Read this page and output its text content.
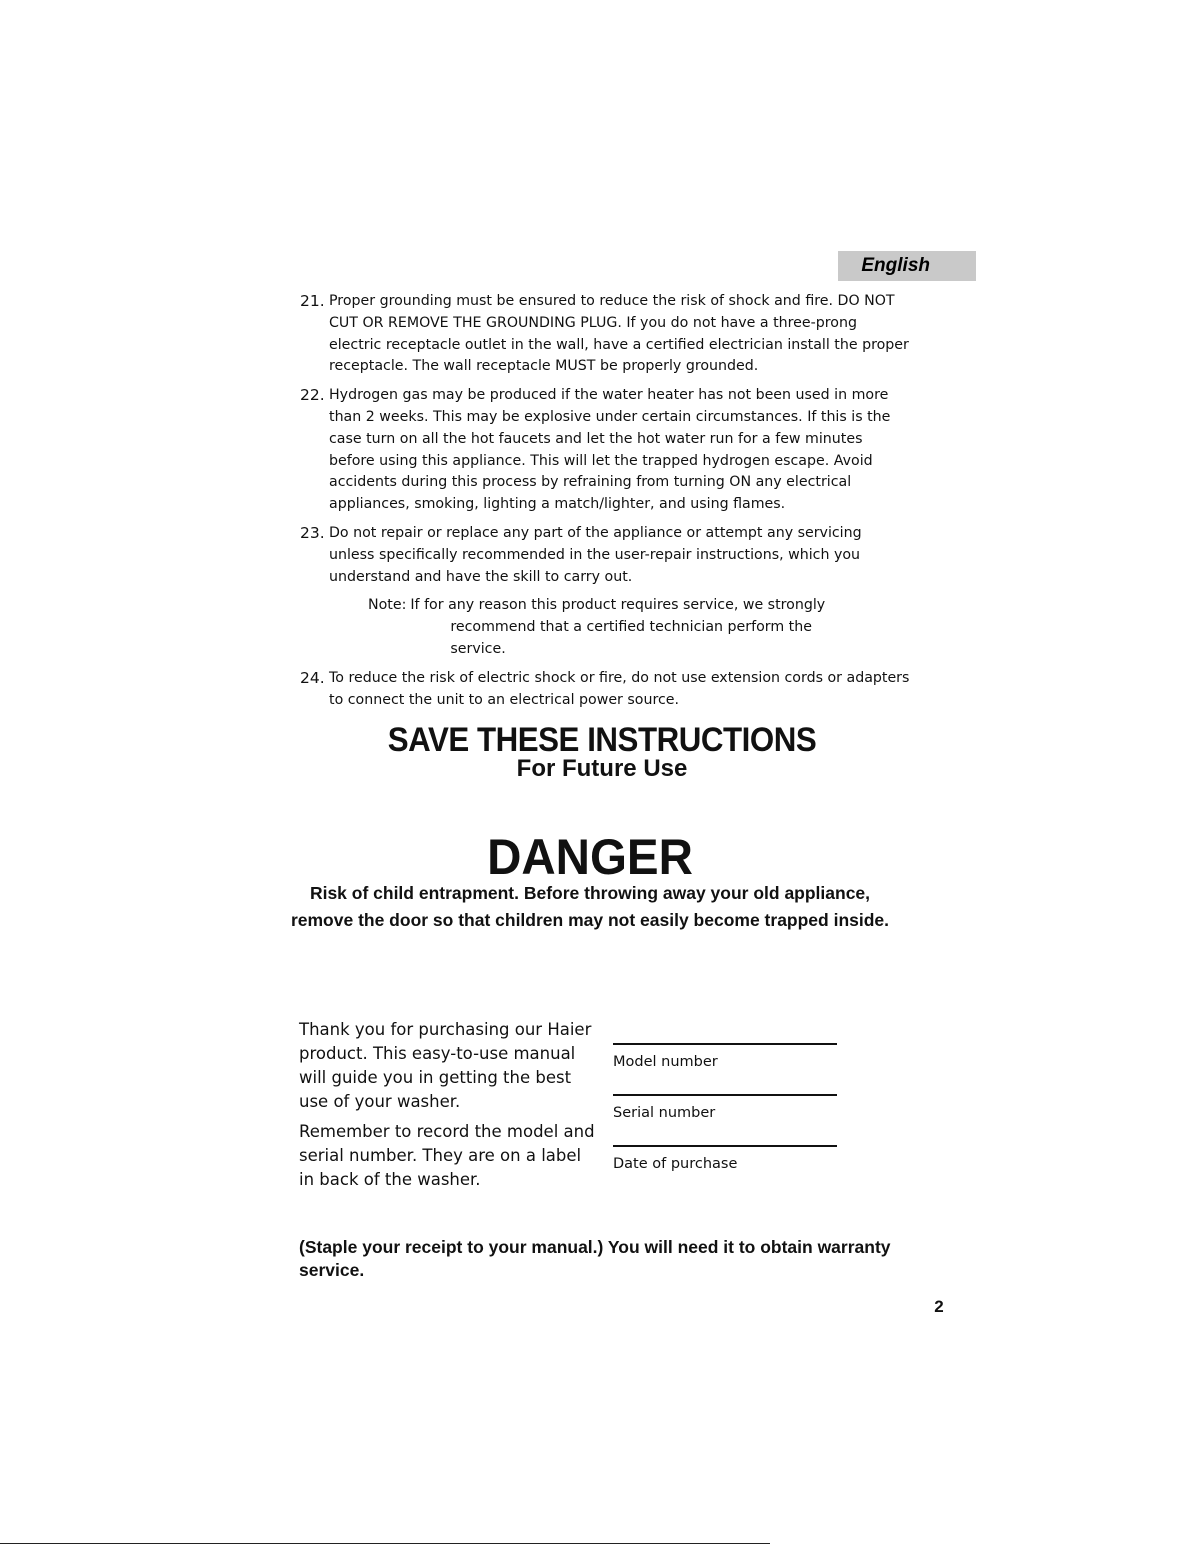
English
21. Proper grounding must be ensured to reduce the risk of shock and fire. DO NOT CUT OR REMOVE THE GROUNDING PLUG. If you do not have a three-prong electric receptacle outlet in the wall, have a certified electrician install the proper receptacle. The wall receptacle MUST be properly grounded.
22. Hydrogen gas may be produced if the water heater has not been used in more than 2 weeks. This may be explosive under certain circumstances. If this is the case turn on all the hot faucets and let the hot water run for a few minutes before using this appliance. This will let the trapped hydrogen escape. Avoid accidents during this process by refraining from turning ON any electrical appliances, smoking, lighting a match/lighter, and using flames.
23. Do not repair or replace any part of the appliance or attempt any servicing unless specifically recommended in the user-repair instructions, which you understand and have the skill to carry out.
Note: If for any reason this product requires service, we strongly
recommend that a certified technician perform the service.
24. To reduce the risk of electric shock or fire, do not use extension cords or adapters to connect the unit to an electrical power source.
SAVE THESE INSTRUCTIONS
For Future Use
DANGER
Risk of child entrapment. Before throwing away your old appliance,
remove the door so that children may not easily become trapped inside.

Thank you for purchasing our Haier product. This easy-to-use manual will guide you in getting the best use of your washer.

Remember to record the model and serial number. They are on a label in back of the washer.

Model number
Serial number
Date of purchase
(Staple your receipt to your manual.) You will need it to obtain warranty service.
2
